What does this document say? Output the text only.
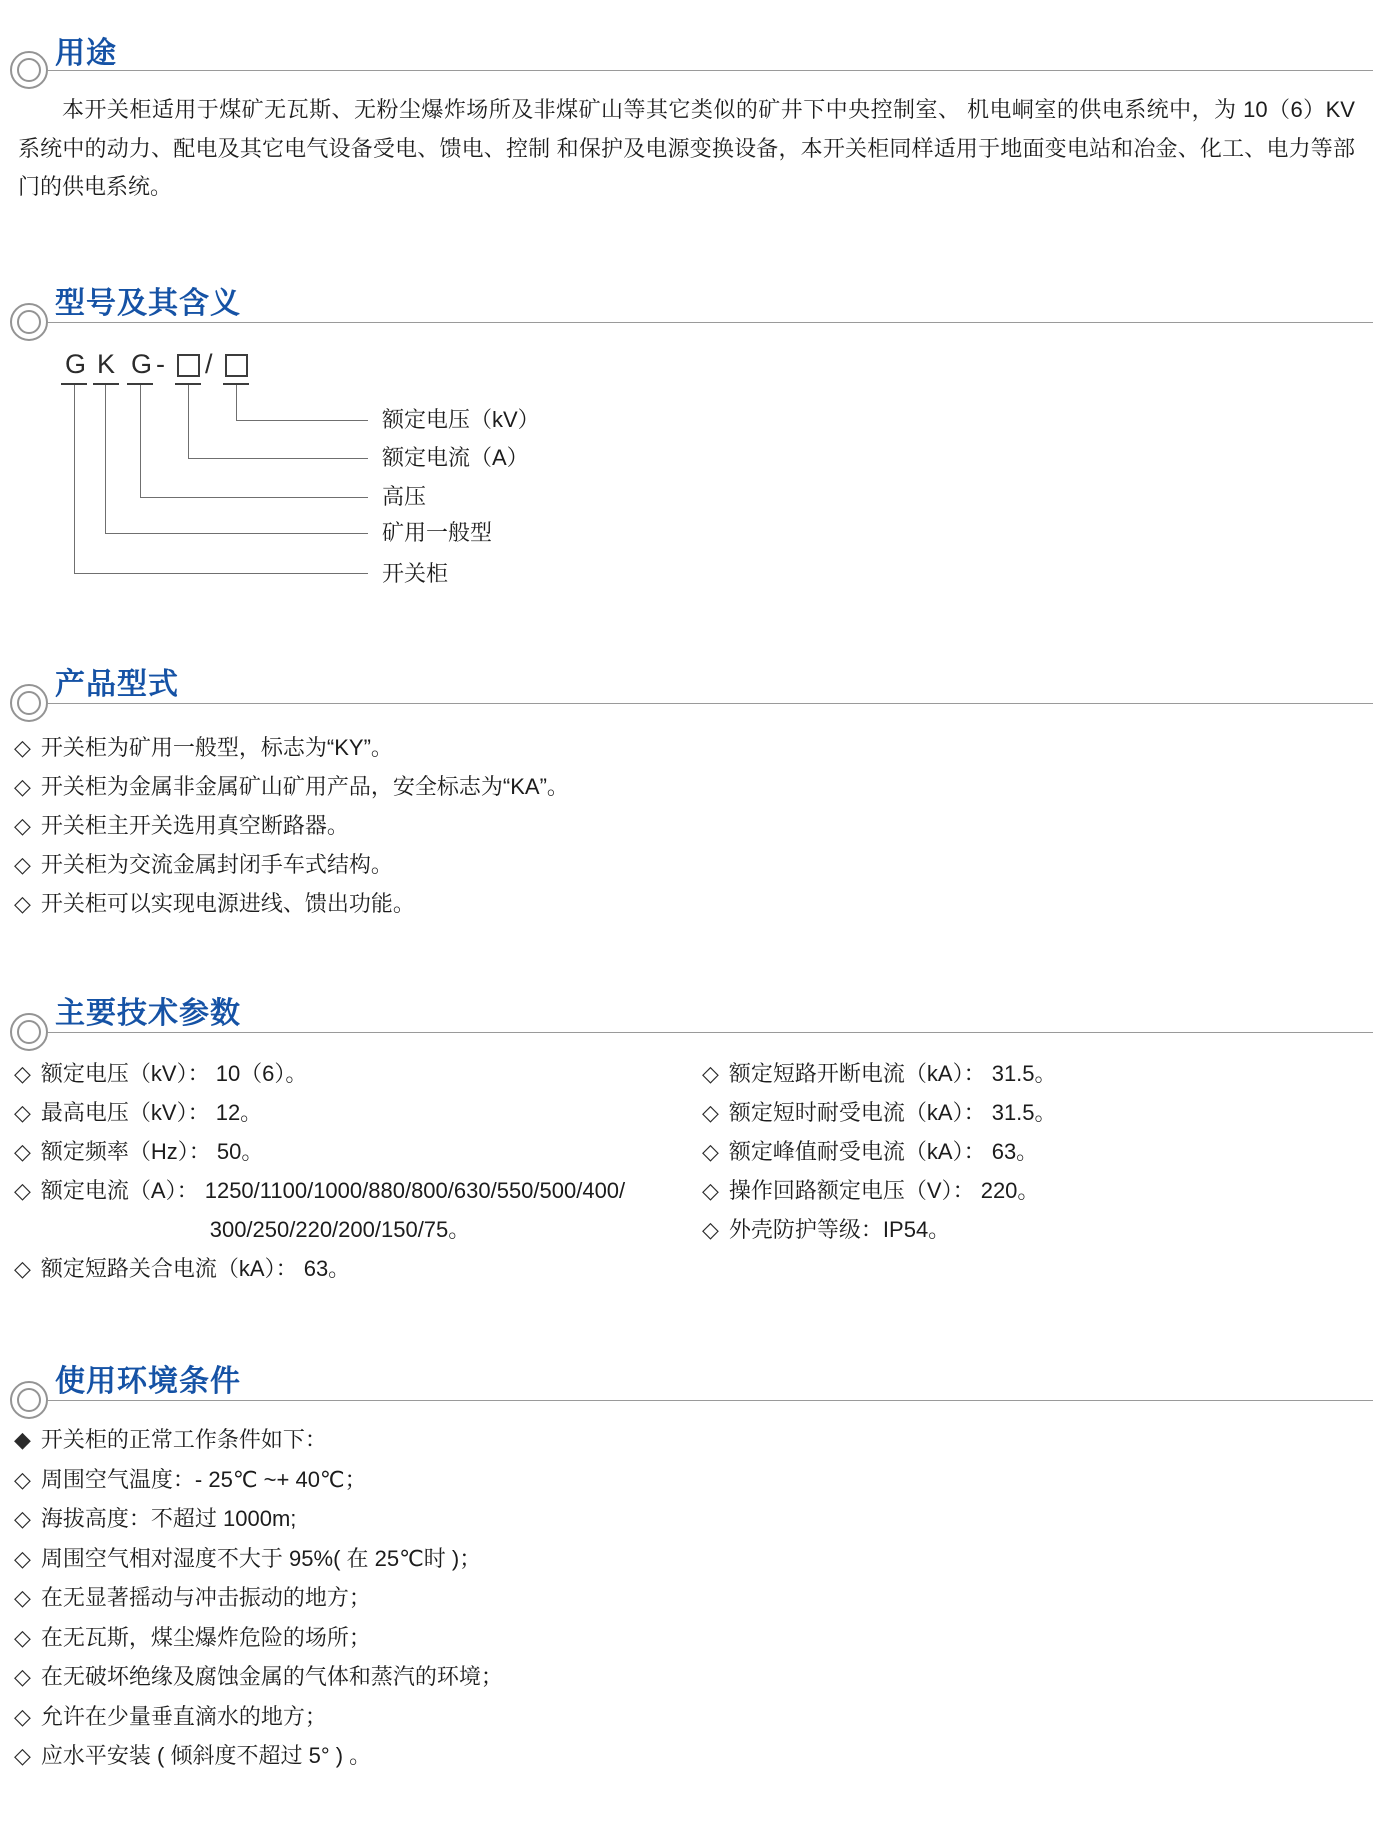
用途
本开关柜适用于煤矿无瓦斯、无粉尘爆炸场所及非煤矿山等其它类似的矿井下中央控制室、 机电峒室的供电系统中，为 10（6）KV 系统中的动力、配电及其它电气设备受电、馈电、控制 和保护及电源变换设备，本开关柜同样适用于地面变电站和冶金、化工、电力等部门的供电系统。
型号及其含义
G K G - /
额定电压（kV）
额定电流（A）
高压
矿用一般型
开关柜
产品型式
◇ 开关柜为矿用一般型，标志为“KY”。
◇ 开关柜为金属非金属矿山矿用产品，安全标志为“KA”。
◇ 开关柜主开关选用真空断路器。
◇ 开关柜为交流金属封闭手车式结构。
◇ 开关柜可以实现电源进线、馈出功能。
主要技术参数
◇ 额定电压（kV）： 10（6）。
◇ 最高电压（kV）： 12。
◇ 额定频率（Hz）： 50。
◇ 额定电流（A）： 1250/1100/1000/880/800/630/550/500/400/
300/250/220/200/150/75。
◇ 额定短路关合电流（kA）： 63。
◇ 额定短路开断电流（kA）： 31.5。
◇ 额定短时耐受电流（kA）： 31.5。
◇ 额定峰值耐受电流（kA）： 63。
◇ 操作回路额定电压（V）： 220。
◇ 外壳防护等级：IP54。
使用环境条件
◆ 开关柜的正常工作条件如下：
◇ 周围空气温度：- 25℃ ~+ 40℃；
◇ 海拔高度：不超过 1000m;
◇ 周围空气相对湿度不大于 95%( 在 25℃时 )；
◇ 在无显著摇动与冲击振动的地方；
◇ 在无瓦斯，煤尘爆炸危险的场所；
◇ 在无破坏绝缘及腐蚀金属的气体和蒸汽的环境；
◇ 允许在少量垂直滴水的地方；
◇ 应水平安装 ( 倾斜度不超过 5° ) 。
